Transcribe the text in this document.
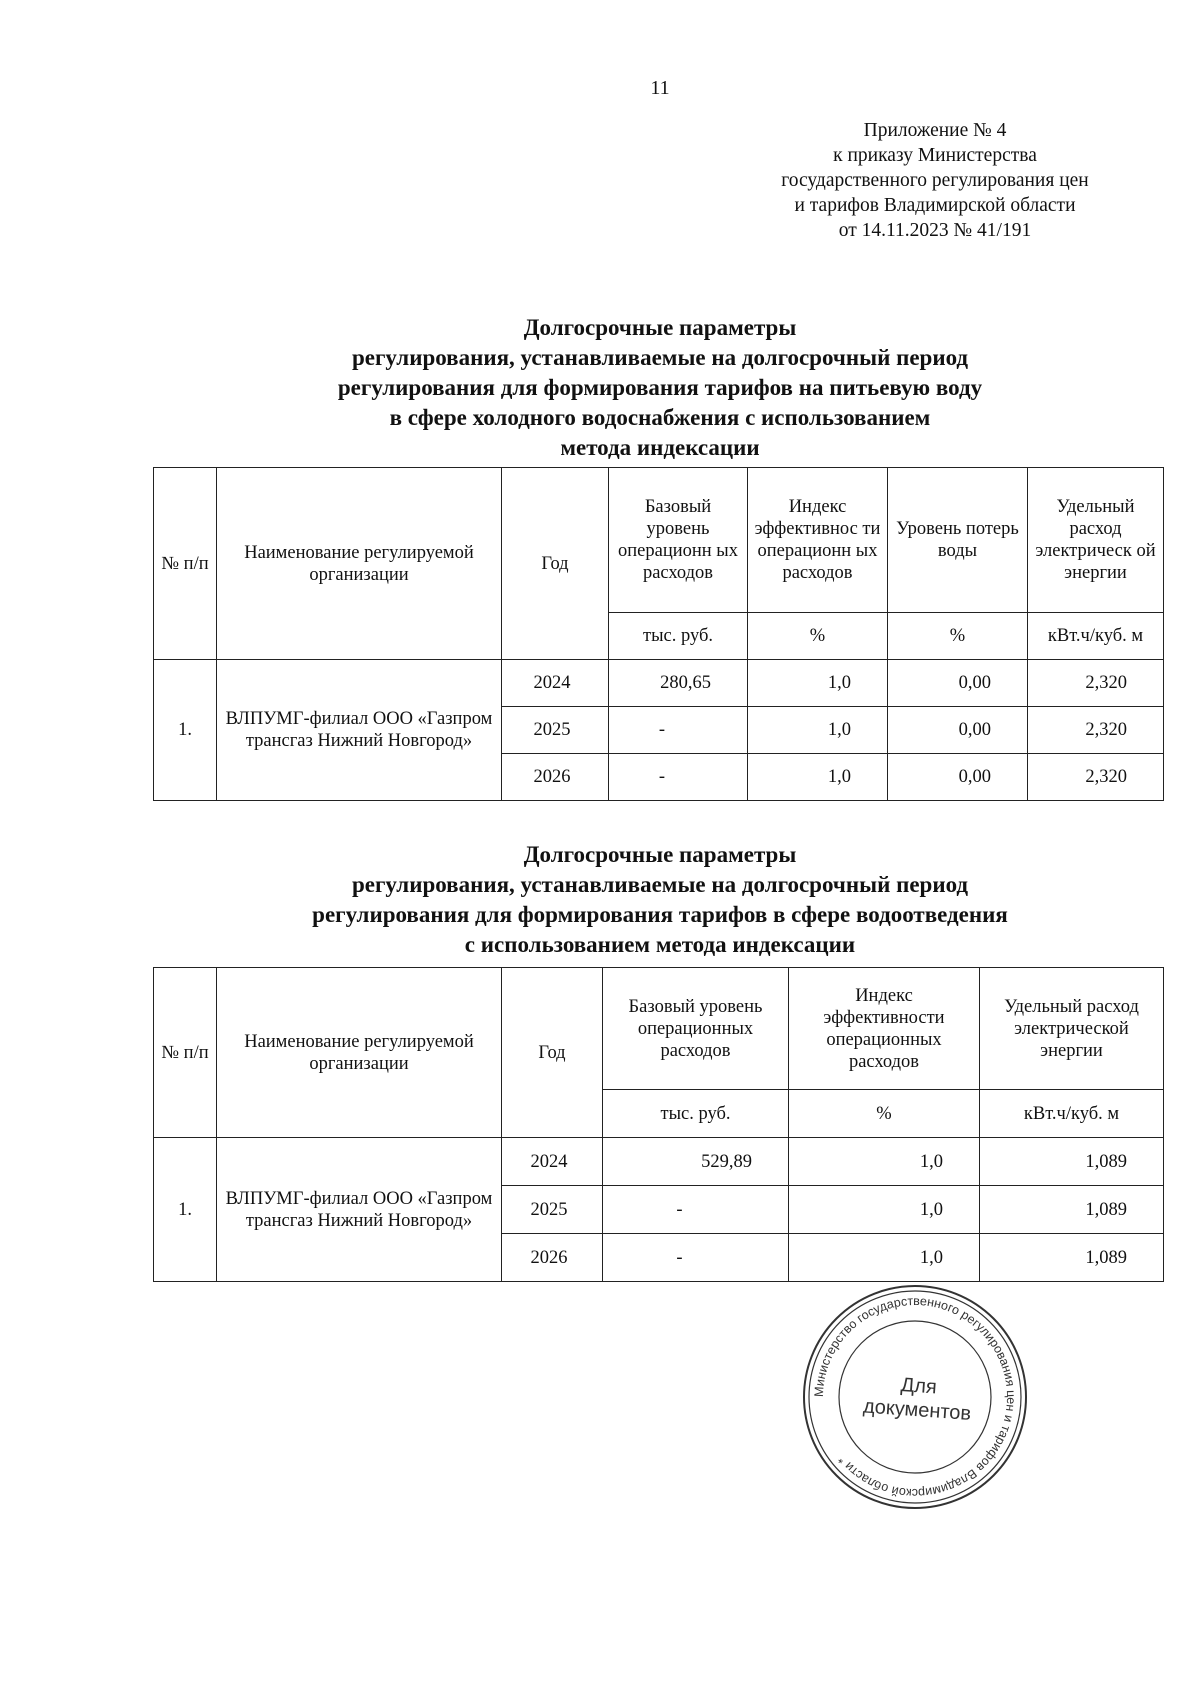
11
Приложение № 4
к приказу Министерства
государственного регулирования цен
и тарифов Владимирской области
от 14.11.2023 № 41/191
Долгосрочные параметры
регулирования, устанавливаемые на долгосрочный период
регулирования для формирования тарифов на питьевую воду
в сфере холодного водоснабжения с использованием
метода индексации
№ п/п	Наименование регулируемой организации	Год	Базовый уровень операционн ых расходов	Индекс эффективнос ти операционн ых расходов	Уровень потерь воды	Удельный расход электрическ ой энергии
			тыс. руб.	%	%	кВт.ч/куб. м
1.	ВЛПУМГ-филиал ООО «Газпром трансгаз Нижний Новгород»	2024	280,65	1,0	0,00	2,320
		2025	-	1,0	0,00	2,320
		2026	-	1,0	0,00	2,320
Долгосрочные параметры
регулирования, устанавливаемые на долгосрочный период
регулирования для формирования тарифов в сфере водоотведения
с использованием метода индексации
№ п/п	Наименование регулируемой организации	Год	Базовый уровень операционных расходов	Индекс эффективности операционных расходов	Удельный расход электрической энергии
			тыс. руб.	%	кВт.ч/куб. м
1.	ВЛПУМГ-филиал ООО «Газпром трансгаз Нижний Новгород»	2024	529,89	1,0	1,089
		2025	-	1,0	1,089
		2026	-	1,0	1,089
Министерство государственного регулирования цен и тарифов Владимирской области *
Для
документов
